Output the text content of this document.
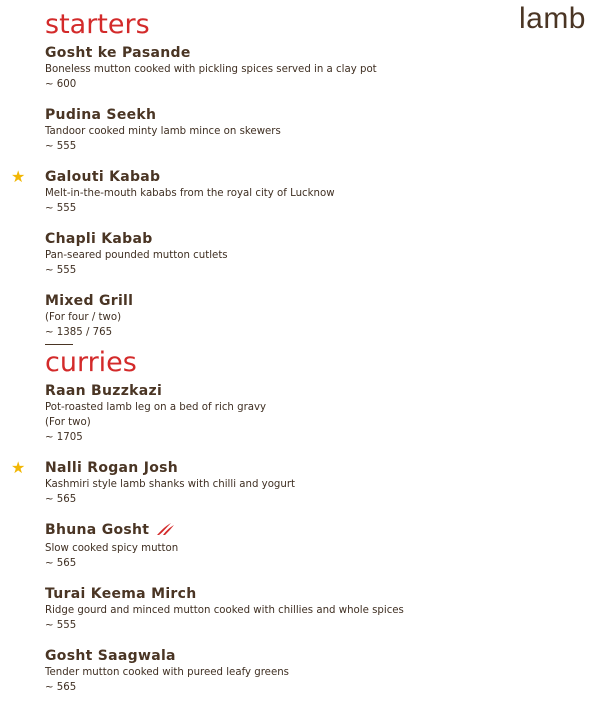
lamb
starters
Gosht ke Pasande
Boneless mutton cooked with pickling spices served in a clay pot
~ 600
Pudina Seekh
Tandoor cooked minty lamb mince on skewers
~ 555
★ Galouti Kabab
Melt-in-the-mouth kababs from the royal city of Lucknow
~ 555
Chapli Kabab
Pan-seared pounded mutton cutlets
~ 555
Mixed Grill
(For four / two)
~ 1385 / 765
curries
Raan Buzzkazi
Pot-roasted lamb leg on a bed of rich gravy
(For two)
~ 1705
★ Nalli Rogan Josh
Kashmiri style lamb shanks with chilli and yogurt
~ 565
Bhuna Gosht
Slow cooked spicy mutton
~ 565
Turai Keema Mirch
Ridge gourd and minced mutton cooked with chillies and whole spices
~ 555
Gosht Saagwala
Tender mutton cooked with pureed leafy greens
~ 565
